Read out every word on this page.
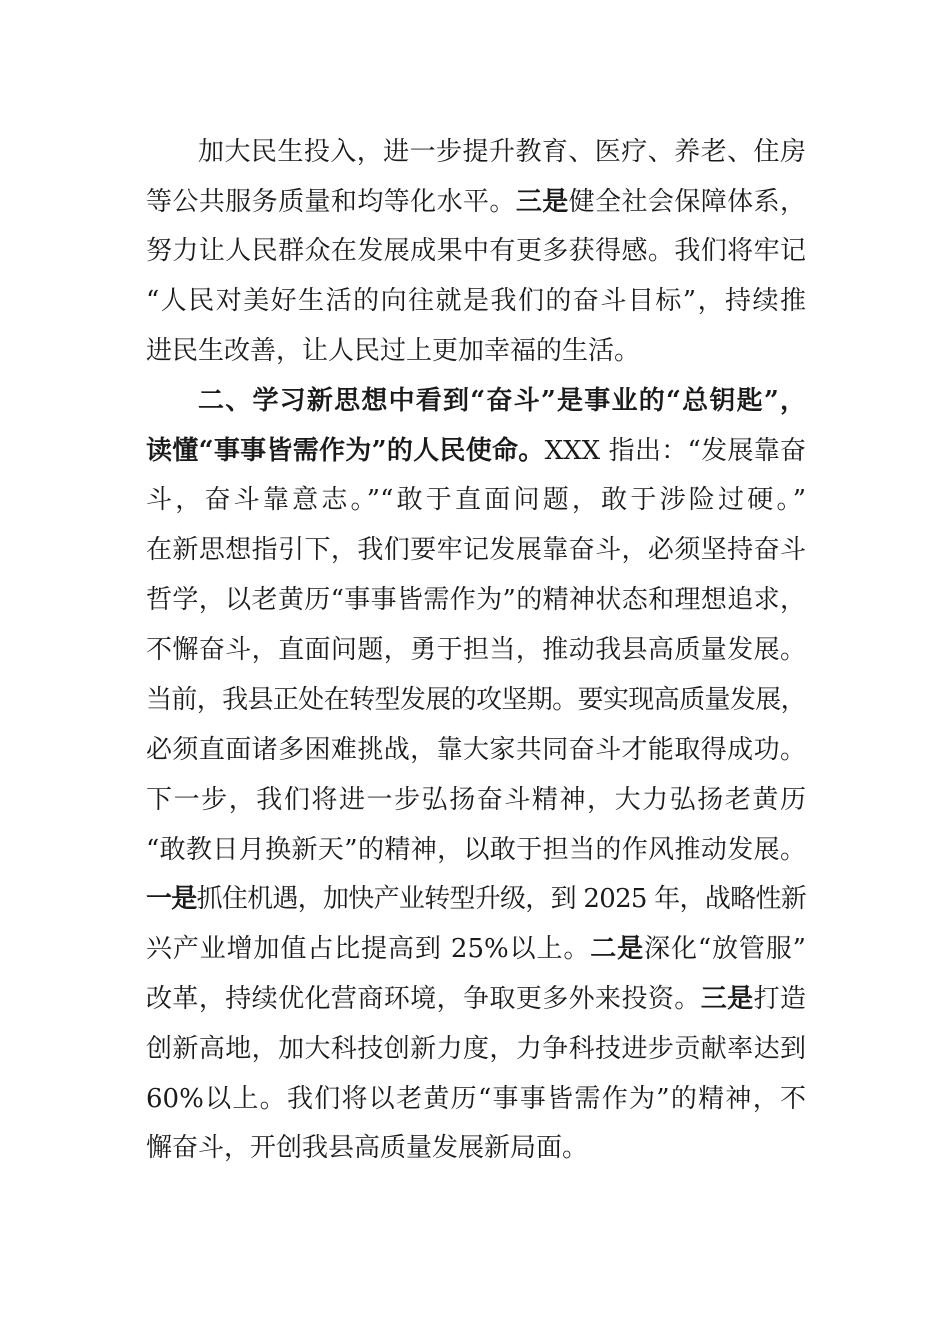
加大民生投入，进一步提升教育、医疗、养老、住房
等公共服务质量和均等化水平。三是健全社会保障体系，
努力让人民群众在发展成果中有更多获得感。我们将牢记
“人民对美好生活的向往就是我们的奋斗目标”，持续推
进民生改善，让人民过上更加幸福的生活。
二、学习新思想中看到“奋斗”是事业的“总钥匙”，
读懂“事事皆需作为”的人民使命。XXX 指出：“发展靠奋
斗，奋斗靠意志。”“敢于直面问题，敢于涉险过硬。”
在新思想指引下，我们要牢记发展靠奋斗，必须坚持奋斗
哲学，以老黄历“事事皆需作为”的精神状态和理想追求，
不懈奋斗，直面问题，勇于担当，推动我县高质量发展。
当前，我县正处在转型发展的攻坚期。要实现高质量发展，
必须直面诸多困难挑战，靠大家共同奋斗才能取得成功。
下一步，我们将进一步弘扬奋斗精神，大力弘扬老黄历
“敢教日月换新天”的精神，以敢于担当的作风推动发展。
一是抓住机遇，加快产业转型升级，到 2025 年，战略性新
兴产业增加值占比提高到 25%以上。二是深化“放管服”
改革，持续优化营商环境，争取更多外来投资。三是打造
创新高地，加大科技创新力度，力争科技进步贡献率达到
60%以上。我们将以老黄历“事事皆需作为”的精神，不
懈奋斗，开创我县高质量发展新局面。
